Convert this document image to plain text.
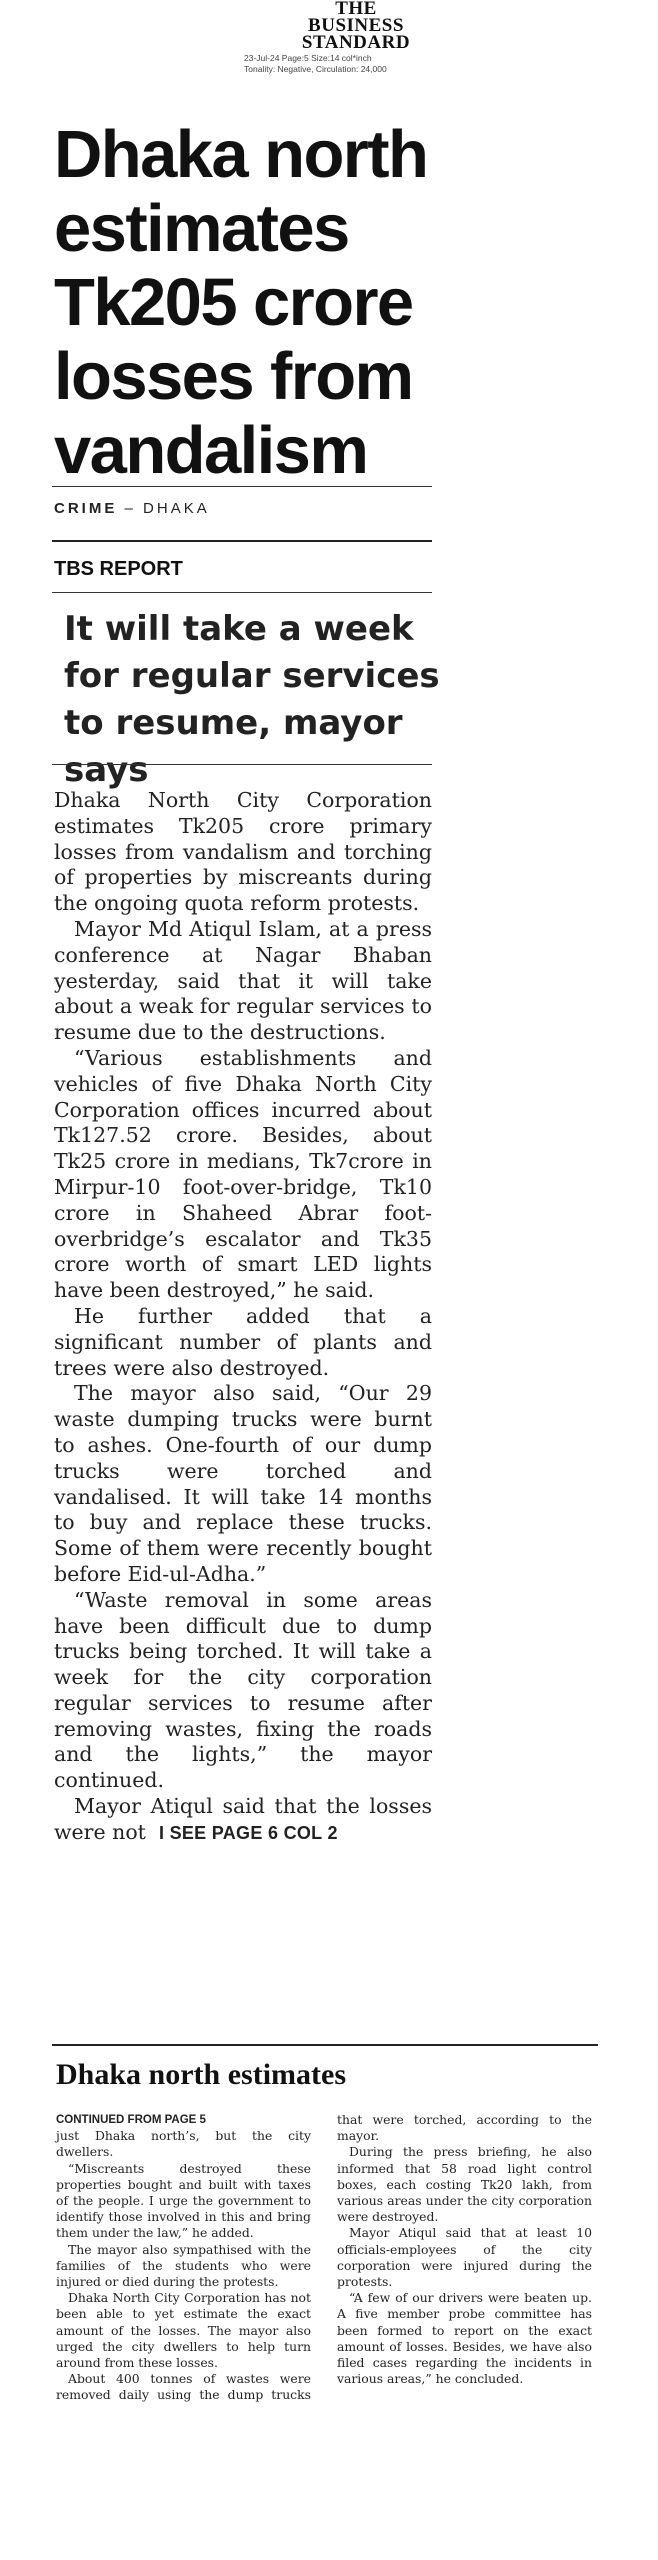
THE
BUSINESS
STANDARD
23-Jul-24 Page:5 Size:14 col*inch
Tonality: Negative, Circulation: 24,000
Dhaka north estimates Tk205 crore losses from vandalism
CRIME – DHAKA
TBS REPORT
It will take a week for regular services to resume, mayor says

Dhaka North City Corporation estimates Tk205 crore primary losses from vandalism and torching of properties by miscreants during the ongoing quota reform protests.

Mayor Md Atiqul Islam, at a press conference at Nagar Bhaban yesterday, said that it will take about a weak for regular services to resume due to the destructions.

“Various establishments and vehicles of five Dhaka North City Corporation offices incurred about Tk127.52 crore. Besides, about Tk25 crore in medians, Tk7crore in Mirpur-10 foot-over-bridge, Tk10 crore in Shaheed Abrar foot-overbridge’s escalator and Tk35 crore worth of smart LED lights have been destroyed,” he said.

He further added that a significant number of plants and trees were also destroyed.

The mayor also said, “Our 29 waste dumping trucks were burnt to ashes. One-fourth of our dump trucks were torched and vandalised. It will take 14 months to buy and replace these trucks. Some of them were recently bought before Eid-ul-Adha.”

“Waste removal in some areas have been difficult due to dump trucks being torched. It will take a week for the city corporation regular services to resume after removing wastes, fixing the roads and the lights,” the mayor continued.

Mayor Atiqul said that the losses were not I SEE PAGE 6 COL 2

Dhaka north estimates
CONTINUED FROM PAGE 5

just Dhaka north’s, but the city dwellers.

“Miscreants destroyed these properties bought and built with taxes of the people. I urge the government to identify those involved in this and bring them under the law,” he added.

The mayor also sympathised with the families of the students who were injured or died during the protests.

Dhaka North City Corporation has not been able to yet estimate the exact amount of the losses. The mayor also urged the city dwellers to help turn around from these losses.

About 400 tonnes of wastes were removed daily using the dump trucks that were torched, according to the mayor.

During the press briefing, he also informed that 58 road light control boxes, each costing Tk20 lakh, from various areas under the city corporation were destroyed.

Mayor Atiqul said that at least 10 officials-employees of the city corporation were injured during the protests.

“A few of our drivers were beaten up. A five member probe committee has been formed to report on the exact amount of losses. Besides, we have also filed cases regarding the incidents in various areas,” he concluded.
